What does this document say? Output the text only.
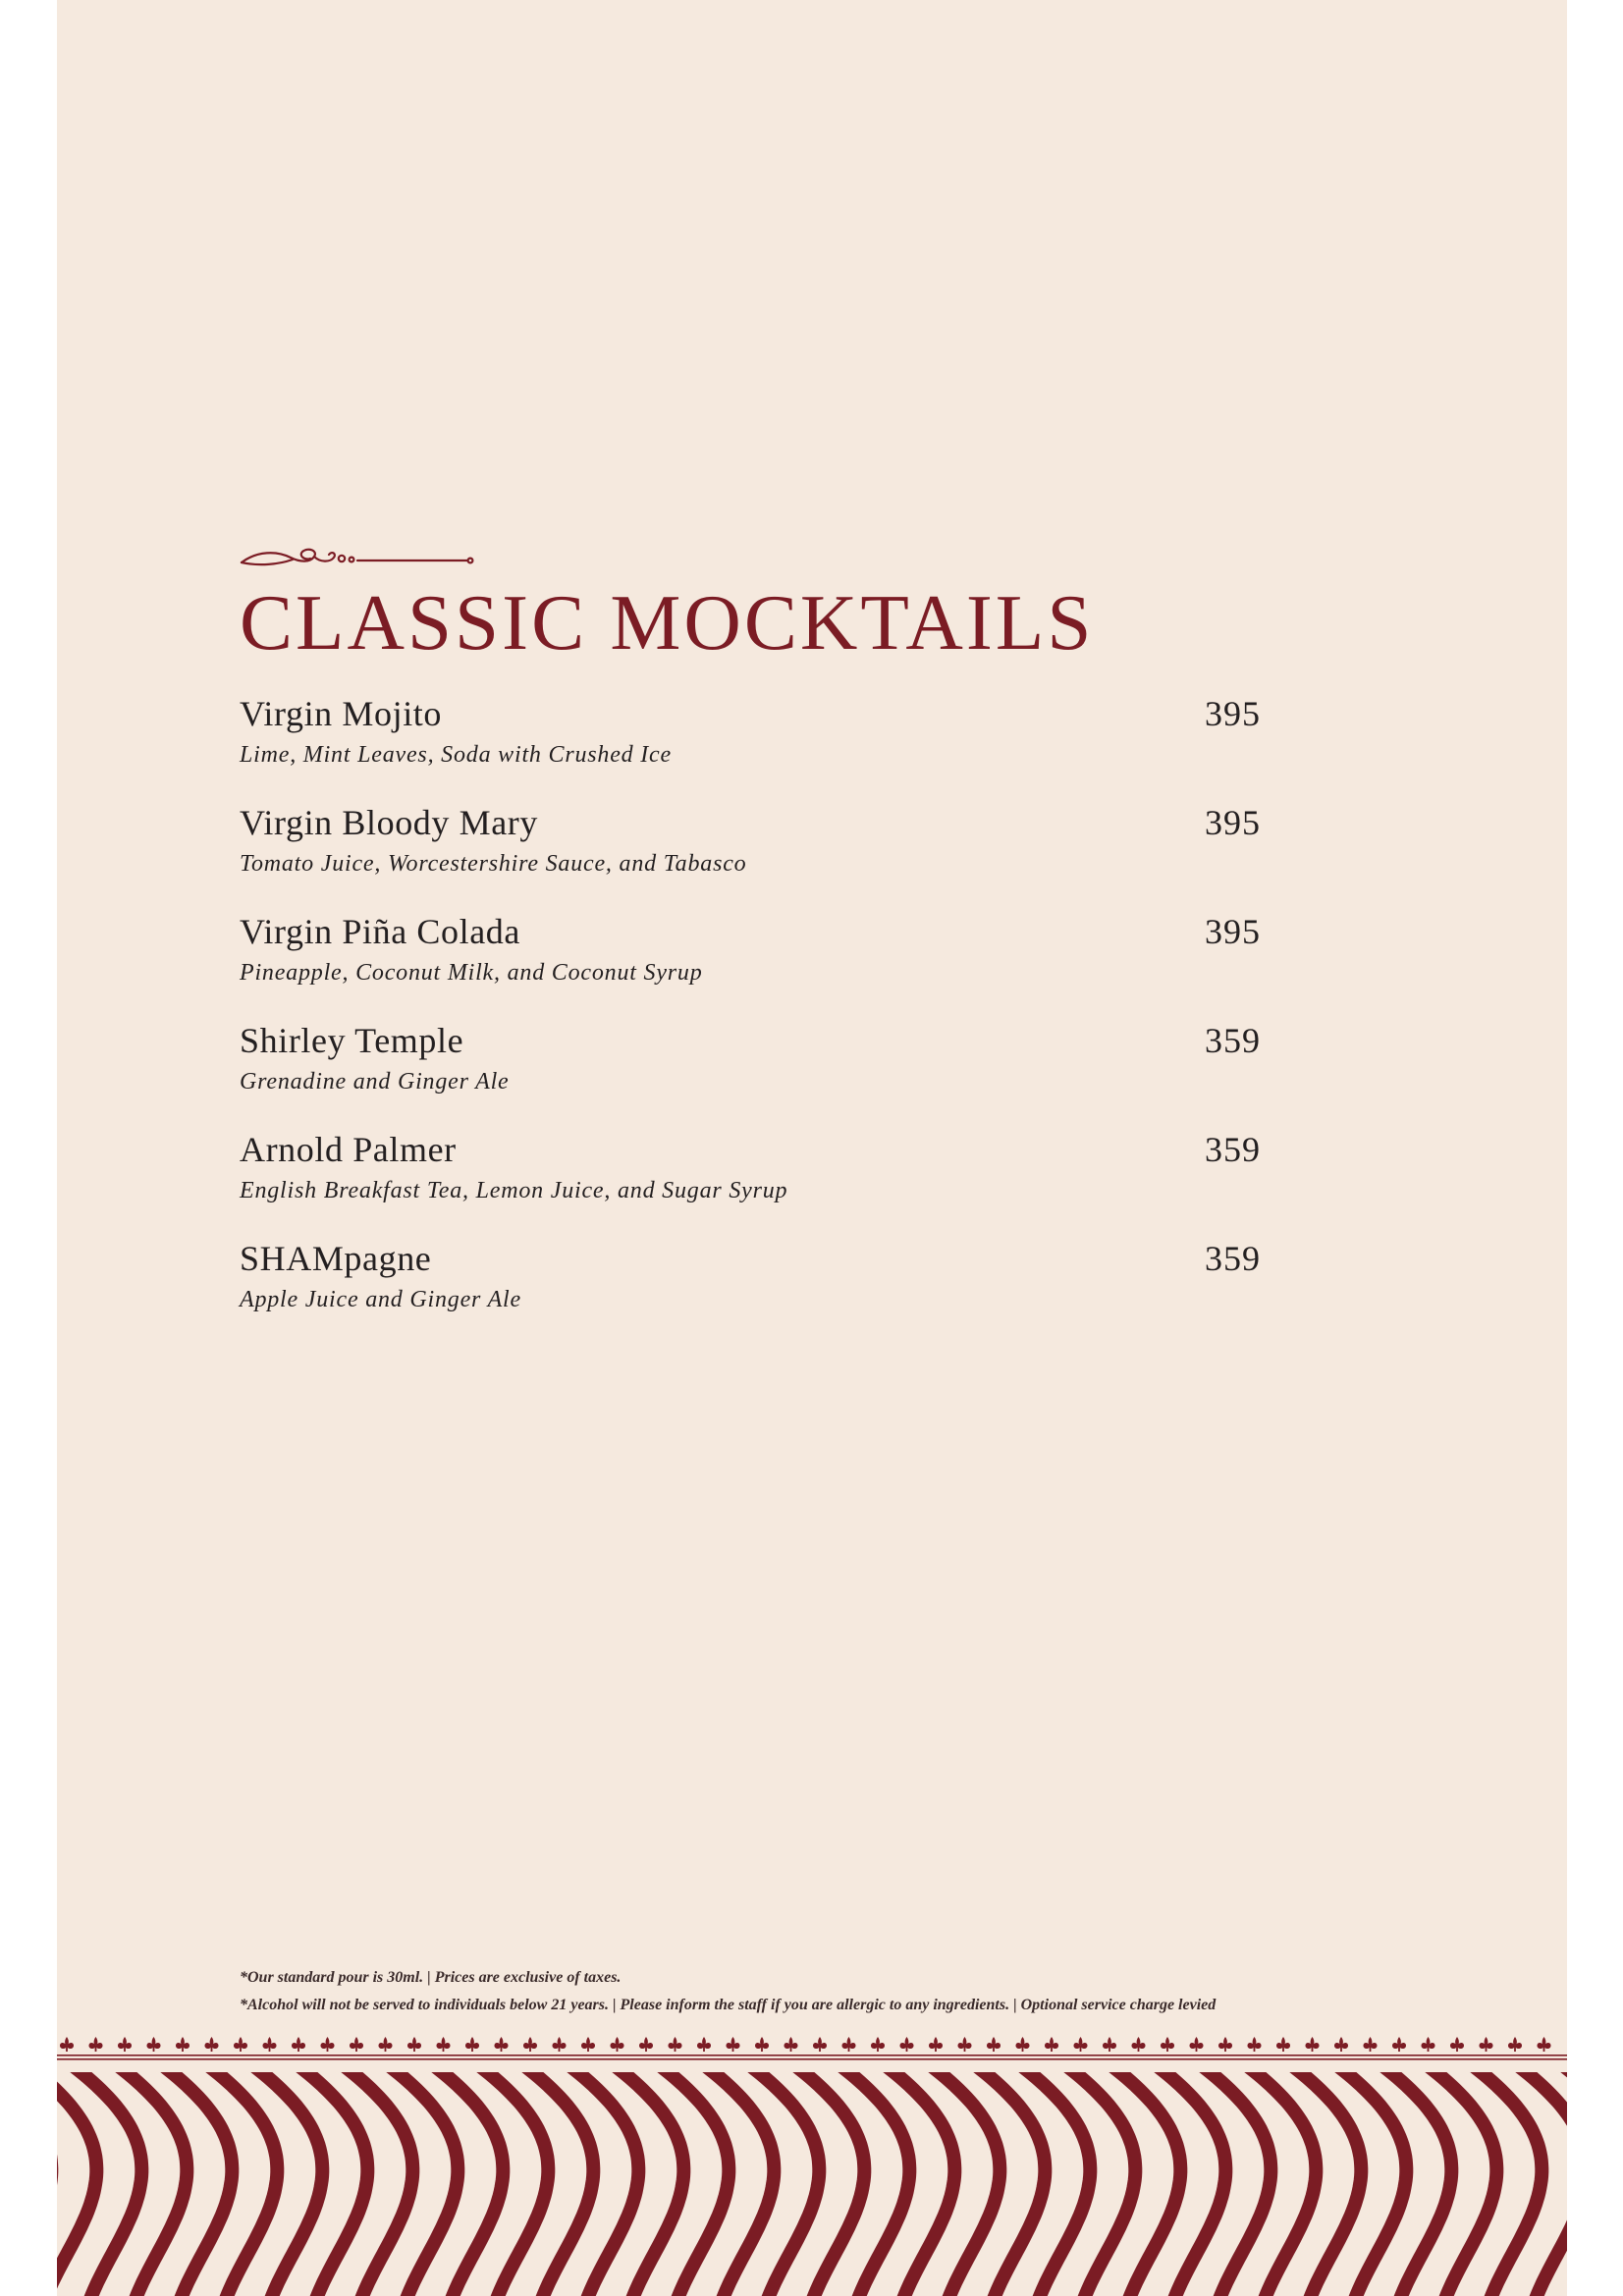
CLASSIC MOCKTAILS
Virgin Mojito	395
Lime, Mint Leaves, Soda with Crushed Ice
Virgin Bloody Mary	395
Tomato Juice, Worcestershire Sauce, and Tabasco
Virgin Piña Colada	395
Pineapple, Coconut Milk, and Coconut Syrup
Shirley Temple	359
Grenadine and Ginger Ale
Arnold Palmer	359
English Breakfast Tea, Lemon Juice, and Sugar Syrup
SHAMpagne	359
Apple Juice and Ginger Ale
*Our standard pour is 30ml. | Prices are exclusive of taxes.
*Alcohol will not be served to individuals below 21 years. | Please inform the staff if you are allergic to any ingredients. | Optional service charge levied
